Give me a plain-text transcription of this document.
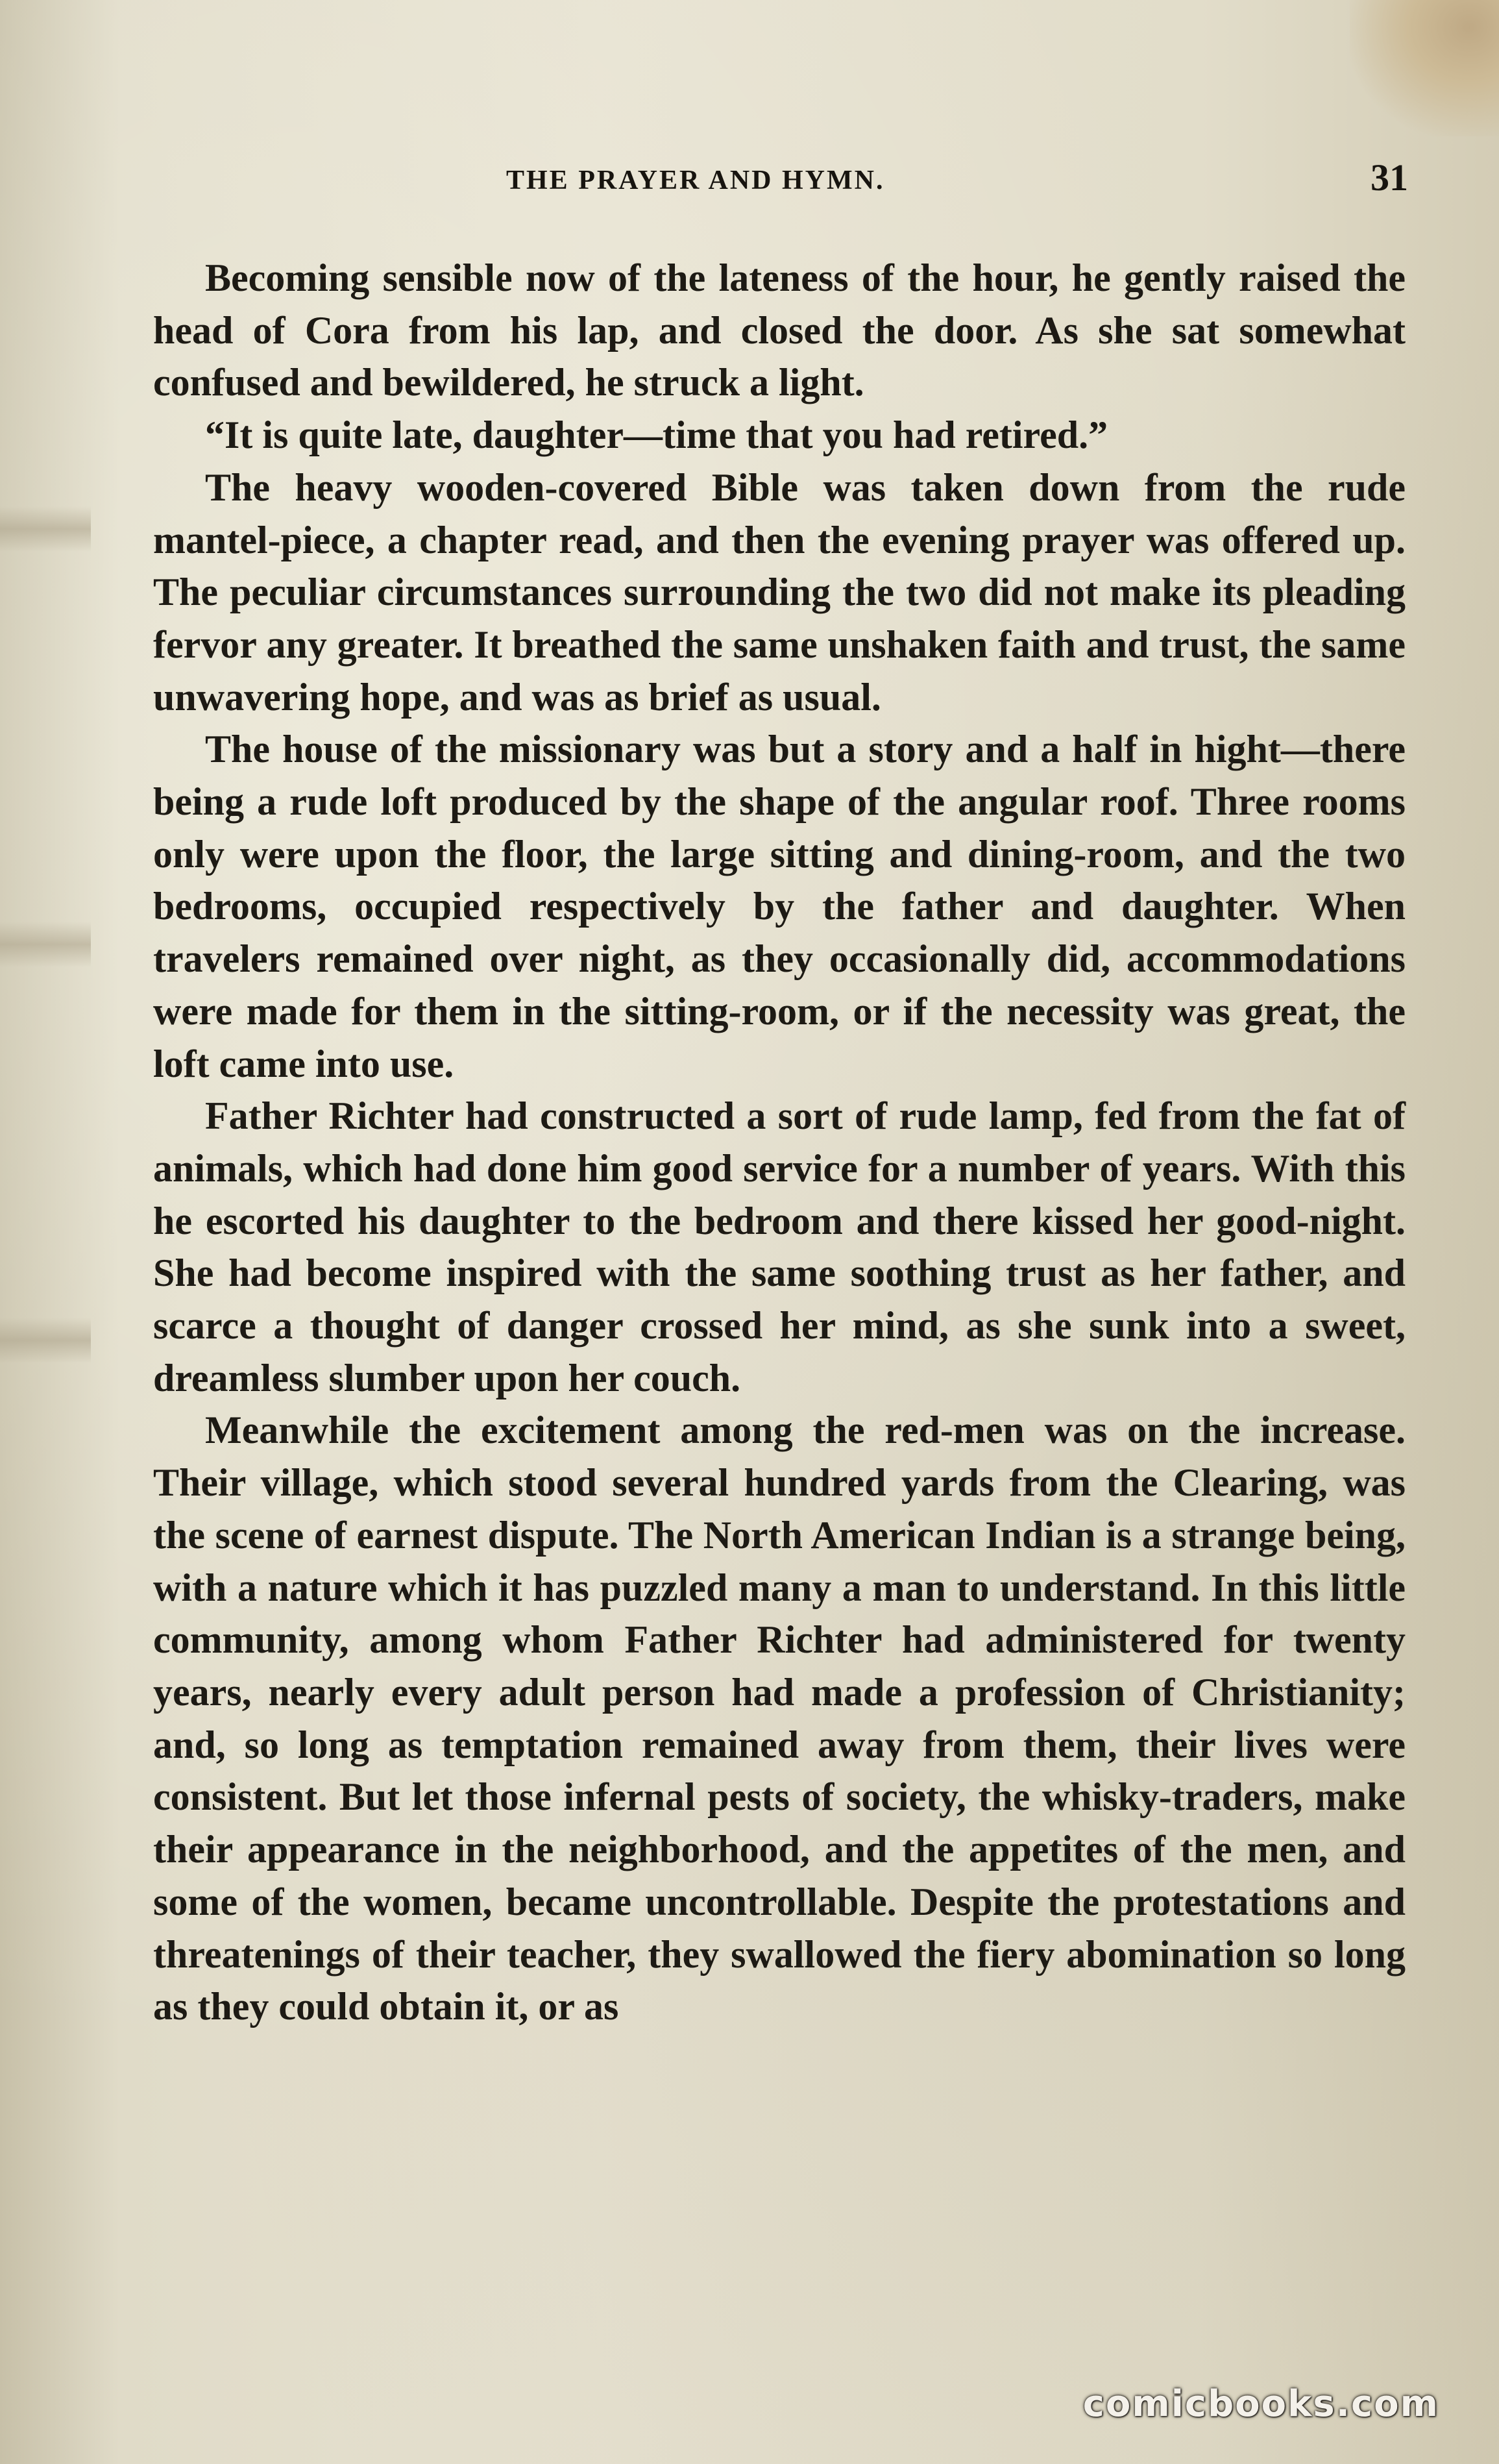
THE PRAYER AND HYMN.	31

Becoming sensible now of the lateness of the hour, he gently raised the head of Cora from his lap, and closed the door. As she sat somewhat confused and bewildered, he struck a light.

“It is quite late, daughter—time that you had retired.”

The heavy wooden-covered Bible was taken down from the rude mantel-piece, a chapter read, and then the evening prayer was offered up. The peculiar circumstances surrounding the two did not make its pleading fervor any greater. It breathed the same unshaken faith and trust, the same unwavering hope, and was as brief as usual.

The house of the missionary was but a story and a half in hight—there being a rude loft produced by the shape of the angular roof. Three rooms only were upon the floor, the large sitting and dining-room, and the two bedrooms, occupied respectively by the father and daughter. When travelers remained over night, as they occasionally did, accommodations were made for them in the sitting-room, or if the necessity was great, the loft came into use.

Father Richter had constructed a sort of rude lamp, fed from the fat of animals, which had done him good service for a number of years. With this he escorted his daughter to the bedroom and there kissed her good-night. She had become inspired with the same soothing trust as her father, and scarce a thought of danger crossed her mind, as she sunk into a sweet, dreamless slumber upon her couch.

Meanwhile the excitement among the red-men was on the increase. Their village, which stood several hundred yards from the Clearing, was the scene of earnest dispute. The North American Indian is a strange being, with a nature which it has puzzled many a man to understand. In this little community, among whom Father Richter had administered for twenty years, nearly every adult person had made a profession of Christianity; and, so long as temptation remained away from them, their lives were consistent. But let those infernal pests of society, the whisky-traders, make their appearance in the neighborhood, and the appetites of the men, and some of the women, became uncontrollable. Despite the protestations and threatenings of their teacher, they swallowed the fiery abomination so long as they could obtain it, or as

comicbooks.com
